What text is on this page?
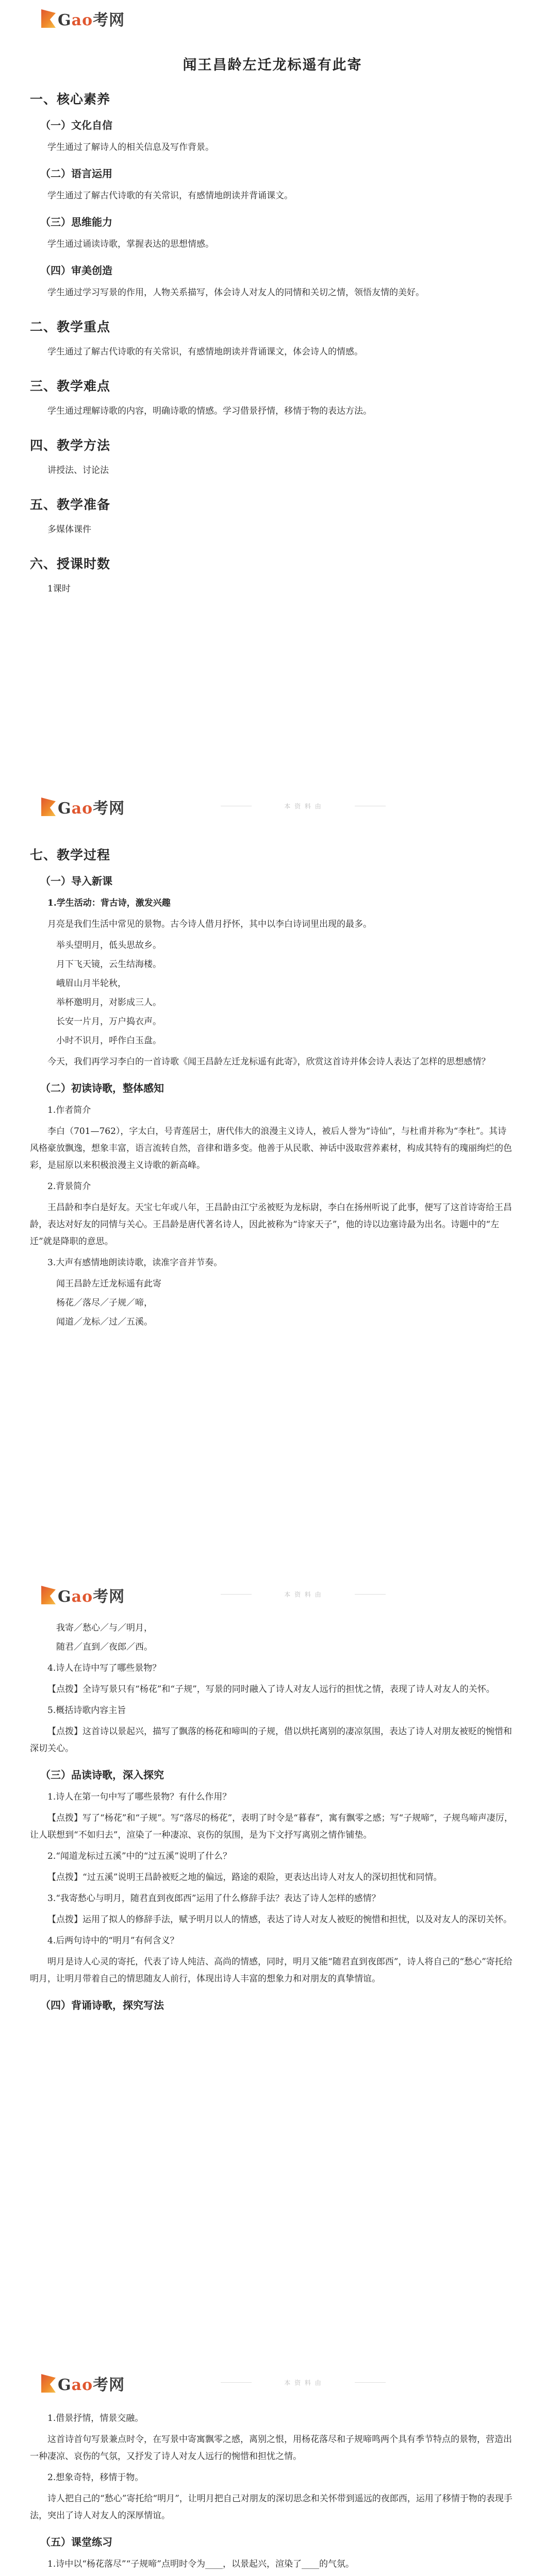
Gao考网
闻王昌龄左迁龙标遥有此寄
一、核心素养
（一）文化自信

学生通过了解诗人的相关信息及写作背景。

（二）语言运用

学生通过了解古代诗歌的有关常识，有感情地朗读并背诵课文。

（三）思维能力

学生通过诵读诗歌，掌握表达的思想情感。

（四）审美创造

学生通过学习写景的作用，人物关系描写，体会诗人对友人的同情和关切之情，领悟友情的美好。

二、教学重点

学生通过了解古代诗歌的有关常识，有感情地朗读并背诵课文，体会诗人的情感。

三、教学难点

学生通过理解诗歌的内容，明确诗歌的情感。学习借景抒情，移情于物的表达方法。

四、教学方法

讲授法、讨论法

五、教学准备

多媒体课件

六、授课时数

1课时

Gao考网	本 资 料 由
七、教学过程
（一）导入新课

1.学生活动：背古诗，激发兴趣

月亮是我们生活中常见的景物。古今诗人借月抒怀，其中以李白诗词里出现的最多。

举头望明月，低头思故乡。

月下飞天镜，云生结海楼。

峨眉山月半轮秋，

举杯邀明月，对影成三人。

长安一片月，万户捣衣声。

小时不识月，呼作白玉盘。

今天，我们再学习李白的一首诗歌《闻王昌龄左迁龙标遥有此寄》，欣赏这首诗并体会诗人表达了怎样的思想感情？

（二）初读诗歌，整体感知

1.作者简介

李白（701—762），字太白，号青莲居士，唐代伟大的浪漫主义诗人，被后人誉为“诗仙”，与杜甫并称为“李杜”。其诗风格豪放飘逸，想象丰富，语言流转自然，音律和谐多变。他善于从民歌、神话中汲取营养素材，构成其特有的瑰丽绚烂的色彩，是屈原以来积极浪漫主义诗歌的新高峰。

2.背景简介

王昌龄和李白是好友。天宝七年或八年，王昌龄由江宁丞被贬为龙标尉，李白在扬州听说了此事，便写了这首诗寄给王昌龄，表达对好友的同情与关心。王昌龄是唐代著名诗人，因此被称为“诗家天子”，他的诗以边塞诗最为出名。诗题中的“左迁”就是降职的意思。

3.大声有感情地朗读诗歌，读准字音并节奏。

闻王昌龄左迁龙标遥有此寄

杨花／落尽／子规／啼，

闻道／龙标／过／五溪。

Gao考网	本 资 料 由

我寄／愁心／与／明月，

随君／直到／夜郎／西。

4.诗人在诗中写了哪些景物？

【点拨】全诗写景只有“杨花”和“子规”，写景的同时融入了诗人对友人远行的担忧之情，表现了诗人对友人的关怀。

5.概括诗歌内容主旨

【点拨】这首诗以景起兴，描写了飘落的杨花和啼叫的子规，借以烘托离别的凄凉氛围，表达了诗人对朋友被贬的惋惜和深切关心。

（三）品读诗歌，深入探究

1.诗人在第一句中写了哪些景物？有什么作用？

【点拨】写了“杨花”和“子规”。写“落尽的杨花”，表明了时令是“暮春”，寓有飘零之感；写“子规啼”，子规鸟啼声凄厉，让人联想到“不如归去”，渲染了一种凄凉、哀伤的氛围，是为下文抒写离别之情作铺垫。

2.“闻道龙标过五溪”中的“过五溪”说明了什么？

【点拨】“过五溪”说明王昌龄被贬之地的偏远，路途的艰险，更表达出诗人对友人的深切担忧和同情。

3.“我寄愁心与明月，随君直到夜郎西”运用了什么修辞手法？表达了诗人怎样的感情？

【点拨】运用了拟人的修辞手法，赋予明月以人的情感，表达了诗人对友人被贬的惋惜和担忧，以及对友人的深切关怀。

4.后两句诗中的“明月”有何含义？

明月是诗人心灵的寄托，代表了诗人纯洁、高尚的情感，同时，明月又能“随君直到夜郎西”，诗人将自己的“愁心”寄托给明月，让明月带着自己的情思随友人前行，体现出诗人丰富的想象力和对朋友的真挚情谊。

（四）背诵诗歌，探究写法
Gao考网	本 资 料 由

1.借景抒情，情景交融。

这首诗首句写景兼点时令，在写景中寄寓飘零之感，离别之恨，用杨花落尽和子规啼鸣两个具有季节特点的景物，营造出一种凄凉、哀伤的气氛，又抒发了诗人对友人远行的惋惜和担忧之情。

2.想象奇特，移情于物。

诗人把自己的“愁心”寄托给“明月”，让明月把自己对朋友的深切思念和关怀带到遥远的夜郎西，运用了移情于物的表现手法，突出了诗人对友人的深厚情谊。

（五）课堂练习

1.诗中以“杨花落尽”“子规啼”点明时令为____，以景起兴，渲染了____的气氛。
